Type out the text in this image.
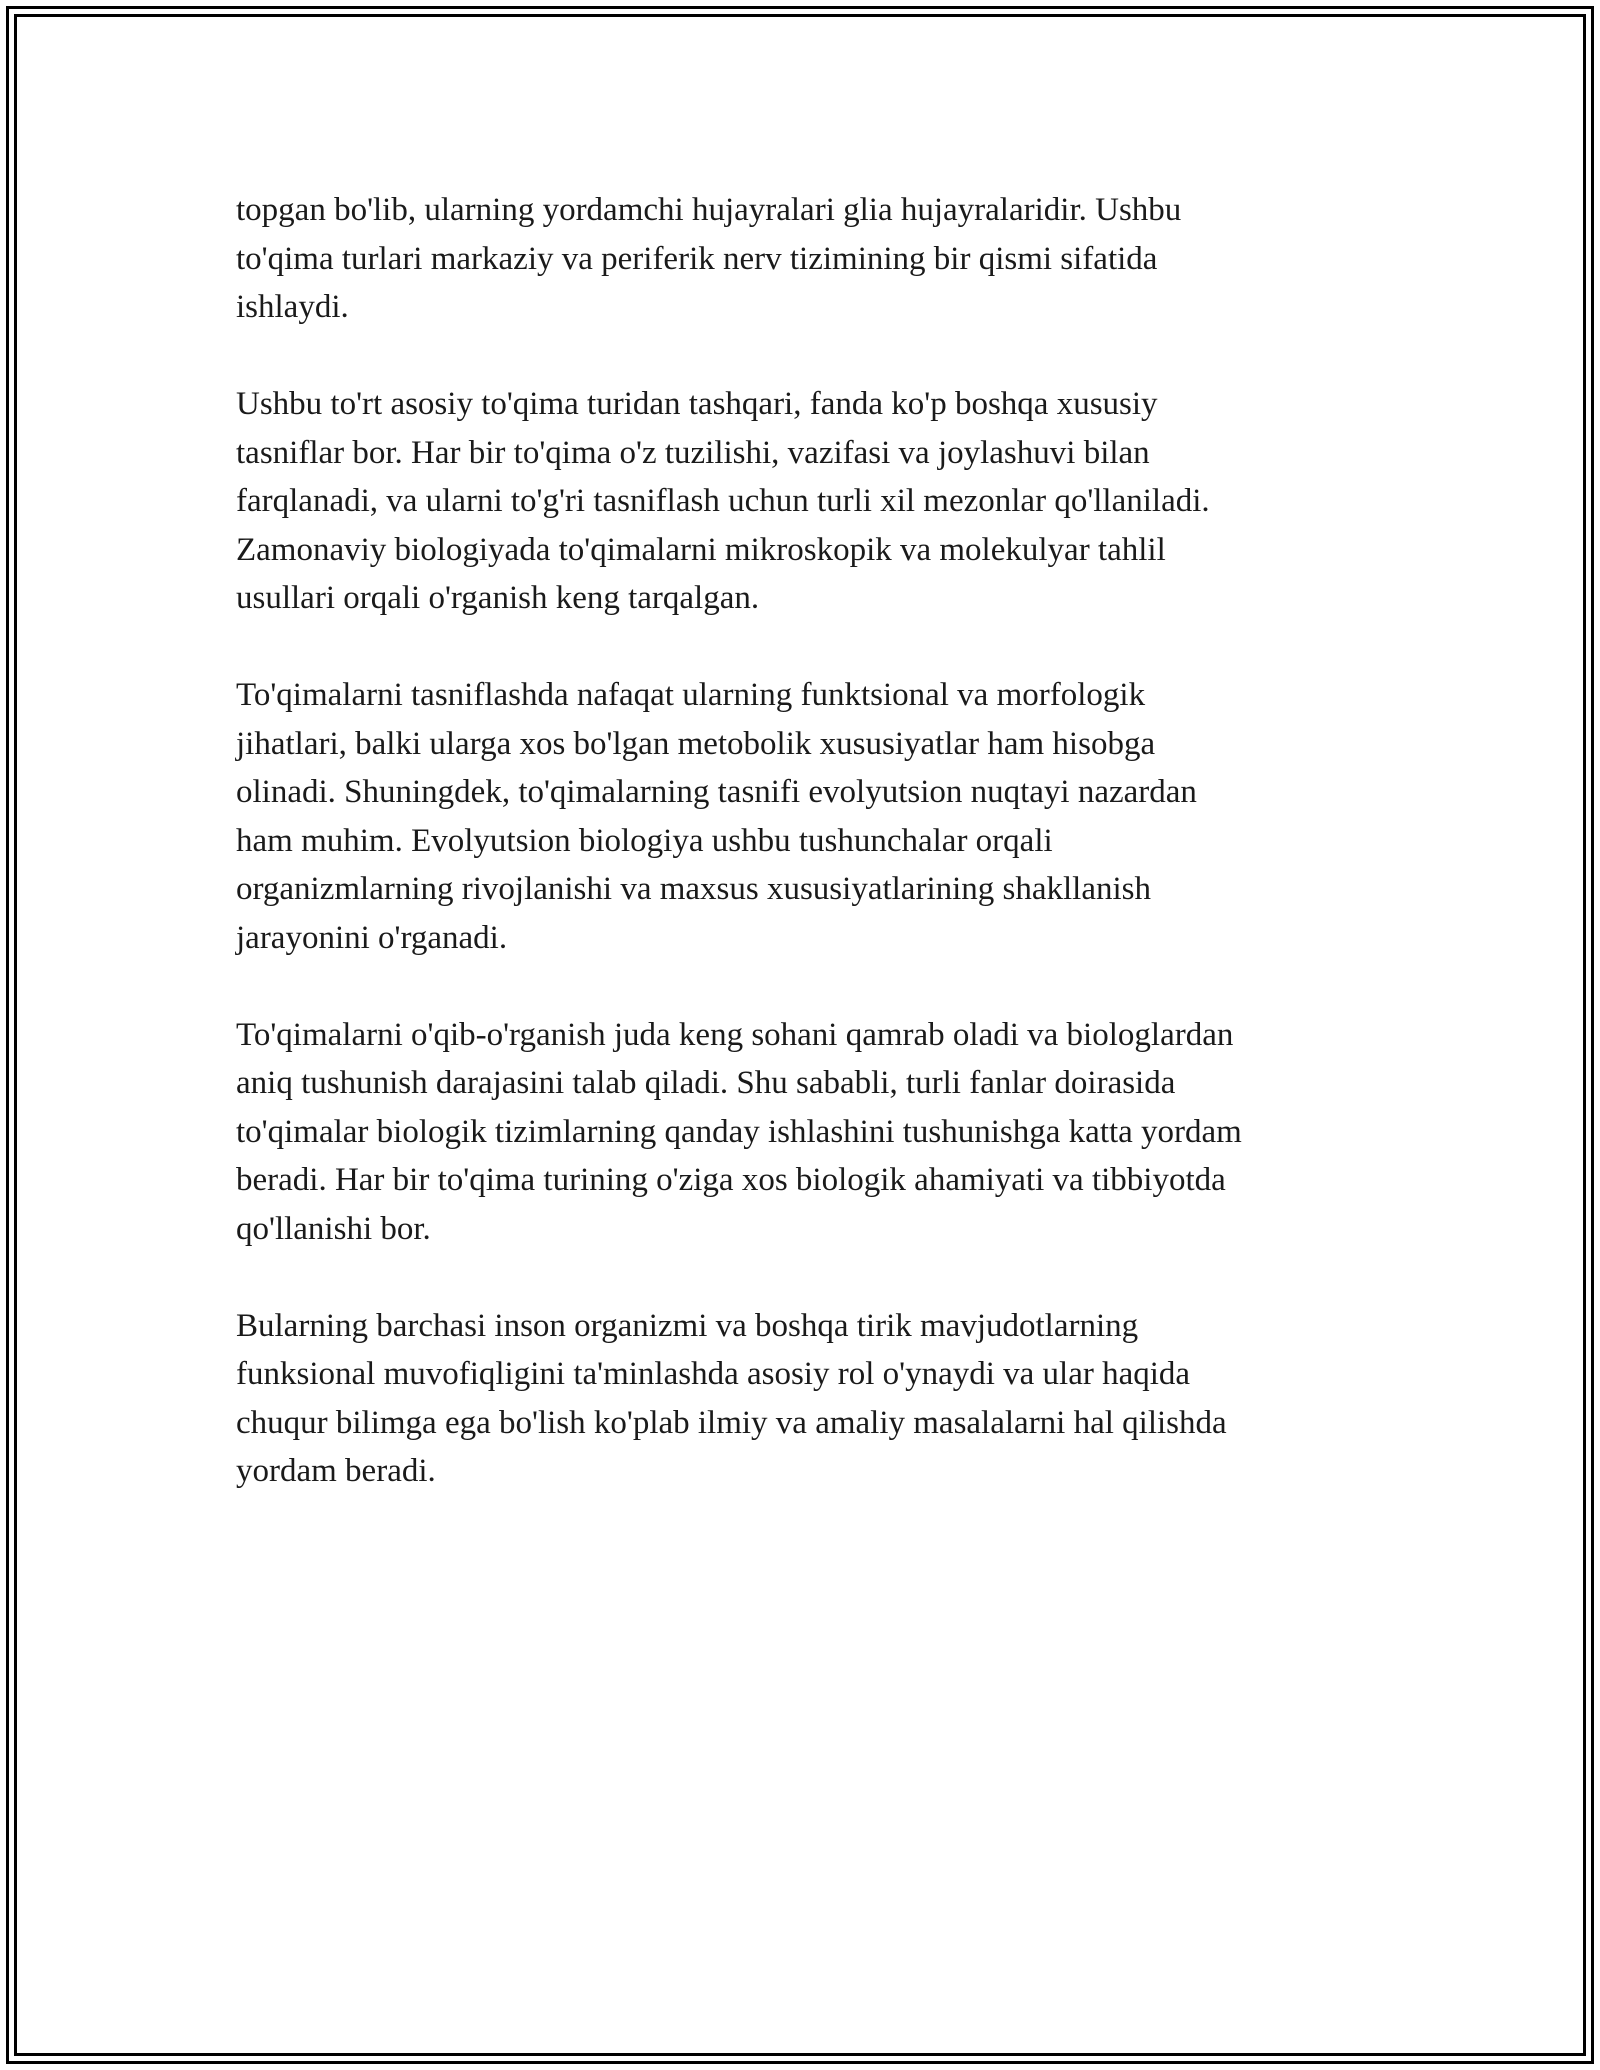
topgan bo'lib, ularning yordamchi hujayralari glia hujayralaridir. Ushbu
to'qima turlari markaziy va periferik nerv tizimining bir qismi sifatida
ishlaydi.

Ushbu to'rt asosiy to'qima turidan tashqari, fanda ko'p boshqa xususiy
tasniflar bor. Har bir to'qima o'z tuzilishi, vazifasi va joylashuvi bilan
farqlanadi, va ularni to'g'ri tasniflash uchun turli xil mezonlar qo'llaniladi.
Zamonaviy biologiyada to'qimalarni mikroskopik va molekulyar tahlil
usullari orqali o'rganish keng tarqalgan.

To'qimalarni tasniflashda nafaqat ularning funktsional va morfologik
jihatlari, balki ularga xos bo'lgan metobolik xususiyatlar ham hisobga
olinadi. Shuningdek, to'qimalarning tasnifi evolyutsion nuqtayi nazardan
ham muhim. Evolyutsion biologiya ushbu tushunchalar orqali
organizmlarning rivojlanishi va maxsus xususiyatlarining shakllanish
jarayonini o'rganadi.

To'qimalarni o'qib-o'rganish juda keng sohani qamrab oladi va biologlardan
aniq tushunish darajasini talab qiladi. Shu sababli, turli fanlar doirasida
to'qimalar biologik tizimlarning qanday ishlashini tushunishga katta yordam
beradi. Har bir to'qima turining o'ziga xos biologik ahamiyati va tibbiyotda
qo'llanishi bor.

Bularning barchasi inson organizmi va boshqa tirik mavjudotlarning
funksional muvofiqligini ta'minlashda asosiy rol o'ynaydi va ular haqida
chuqur bilimga ega bo'lish ko'plab ilmiy va amaliy masalalarni hal qilishda
yordam beradi.
